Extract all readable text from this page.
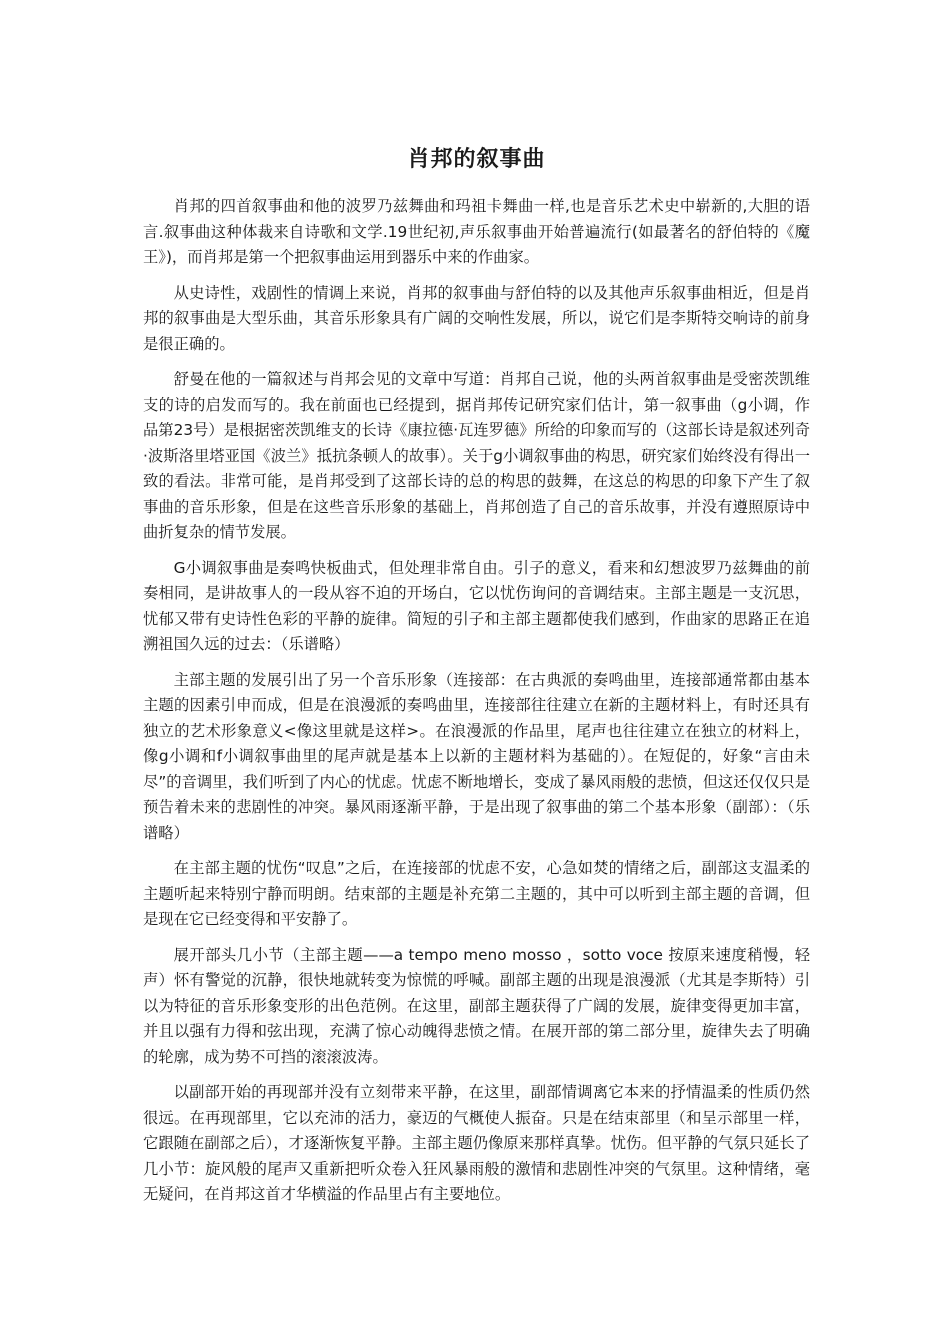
肖邦的叙事曲

肖邦的四首叙事曲和他的波罗乃兹舞曲和玛祖卡舞曲一样,也是音乐艺术史中崭新的,大胆的语言.叙事曲这种体裁来自诗歌和文学.19世纪初,声乐叙事曲开始普遍流行(如最著名的舒伯特的《魔王》)，而肖邦是第一个把叙事曲运用到器乐中来的作曲家。

从史诗性，戏剧性的情调上来说，肖邦的叙事曲与舒伯特的以及其他声乐叙事曲相近，但是肖邦的叙事曲是大型乐曲，其音乐形象具有广阔的交响性发展，所以，说它们是李斯特交响诗的前身是很正确的。

舒曼在他的一篇叙述与肖邦会见的文章中写道：肖邦自己说，他的头两首叙事曲是受密茨凯维支的诗的启发而写的。我在前面也已经提到，据肖邦传记研究家们估计，第一叙事曲（g小调，作品第23号）是根据密茨凯维支的长诗《康拉德·瓦连罗德》所给的印象而写的（这部长诗是叙述列奇·波斯洛里塔亚国《波兰》抵抗条顿人的故事）。关于g小调叙事曲的构思，研究家们始终没有得出一致的看法。非常可能，是肖邦受到了这部长诗的总的构思的鼓舞，在这总的构思的印象下产生了叙事曲的音乐形象，但是在这些音乐形象的基础上，肖邦创造了自己的音乐故事，并没有遵照原诗中曲折复杂的情节发展。

G小调叙事曲是奏鸣快板曲式，但处理非常自由。引子的意义，看来和幻想波罗乃兹舞曲的前奏相同，是讲故事人的一段从容不迫的开场白，它以忧伤询问的音调结束。主部主题是一支沉思，忧郁又带有史诗性色彩的平静的旋律。简短的引子和主部主题都使我们感到，作曲家的思路正在追溯祖国久远的过去：（乐谱略）

主部主题的发展引出了另一个音乐形象（连接部：在古典派的奏鸣曲里，连接部通常都由基本主题的因素引申而成，但是在浪漫派的奏鸣曲里，连接部往往建立在新的主题材料上，有时还具有独立的艺术形象意义<像这里就是这样>。在浪漫派的作品里，尾声也往往建立在独立的材料上，像g小调和f小调叙事曲里的尾声就是基本上以新的主题材料为基础的）。在短促的，好象“言由未尽”的音调里，我们听到了内心的忧虑。忧虑不断地增长，变成了暴风雨般的悲愤，但这还仅仅只是预告着未来的悲剧性的冲突。暴风雨逐渐平静，于是出现了叙事曲的第二个基本形象（副部）：（乐谱略）

在主部主题的忧伤“叹息”之后，在连接部的忧虑不安，心急如焚的情绪之后，副部这支温柔的主题听起来特别宁静而明朗。结束部的主题是补充第二主题的，其中可以听到主部主题的音调，但是现在它已经变得和平安静了。

展开部头几小节（主部主题——a tempo meno mosso ，sotto voce 按原来速度稍慢，轻声）怀有警觉的沉静，很快地就转变为惊慌的呼喊。副部主题的出现是浪漫派（尤其是李斯特）引以为特征的音乐形象变形的出色范例。在这里，副部主题获得了广阔的发展，旋律变得更加丰富，并且以强有力得和弦出现，充满了惊心动魄得悲愤之情。在展开部的第二部分里，旋律失去了明确的轮廓，成为势不可挡的滚滚波涛。

以副部开始的再现部并没有立刻带来平静，在这里，副部情调离它本来的抒情温柔的性质仍然很远。在再现部里，它以充沛的活力，豪迈的气概使人振奋。只是在结束部里（和呈示部里一样，它跟随在副部之后），才逐渐恢复平静。主部主题仍像原来那样真挚。忧伤。但平静的气氛只延长了几小节：旋风般的尾声又重新把听众卷入狂风暴雨般的激情和悲剧性冲突的气氛里。这种情绪，毫无疑问，在肖邦这首才华横溢的作品里占有主要地位。
